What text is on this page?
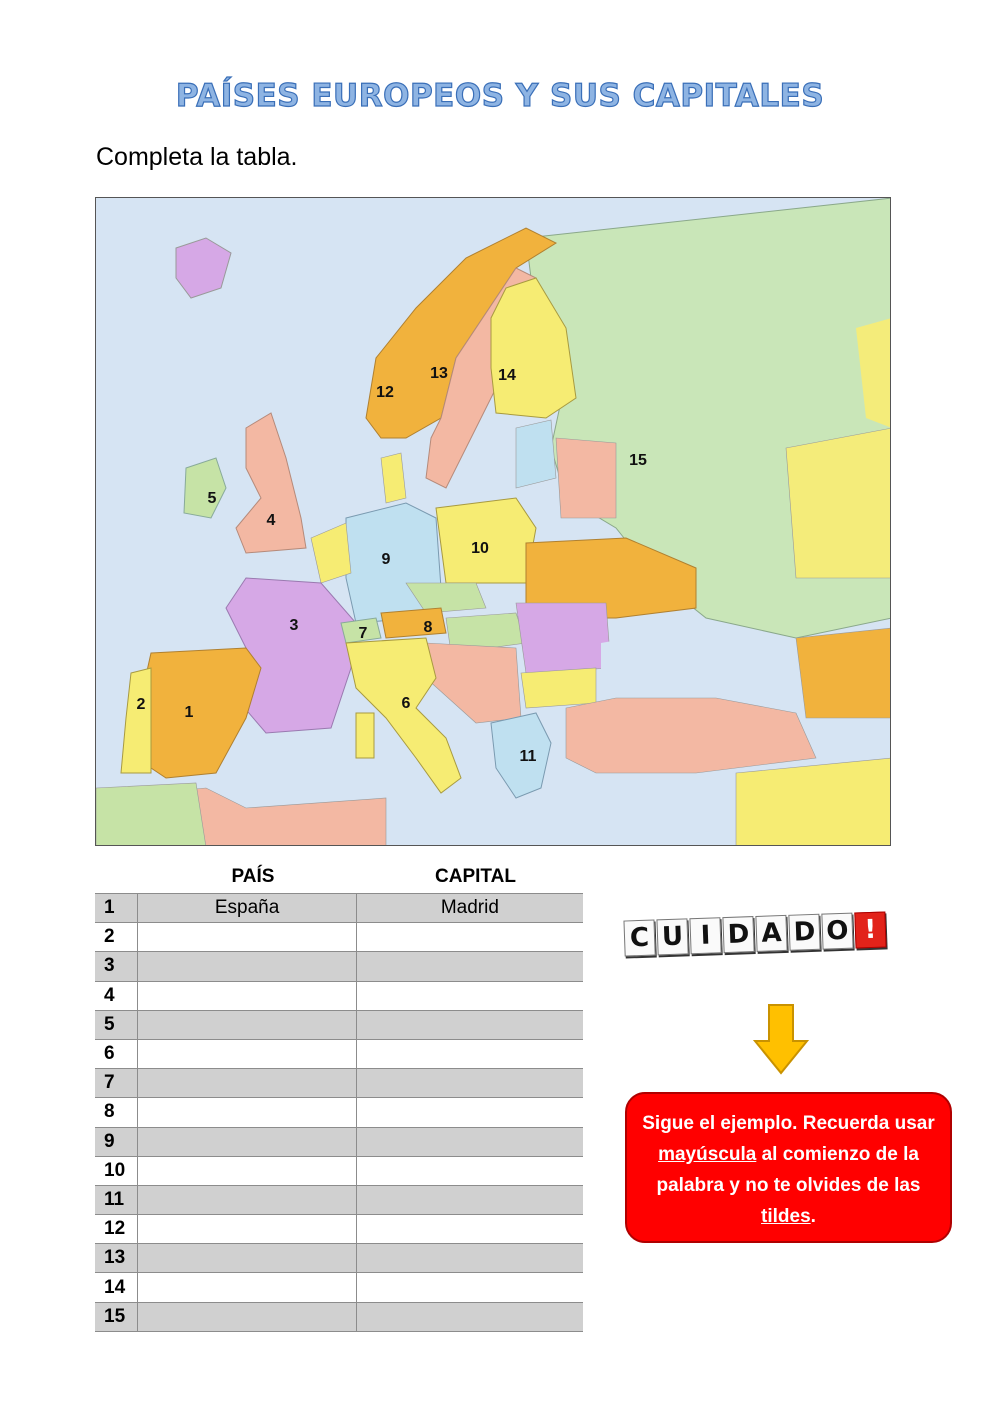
PAÍSES EUROPEOS Y SUS CAPITALES
Completa la tabla.
1
2
3
4
5
6
7	8
9
10
11
12
13	14
15
PAÍS	CAPITAL
1	España	Madrid
2		
3		
4		
5		
6		
7		
8		
9		
10		
11		
12		
13		
14		
15		
C U I D A D O !
Sigue el ejemplo. Recuerda usar mayúscula al comienzo de la palabra y no te olvides de las tildes.
